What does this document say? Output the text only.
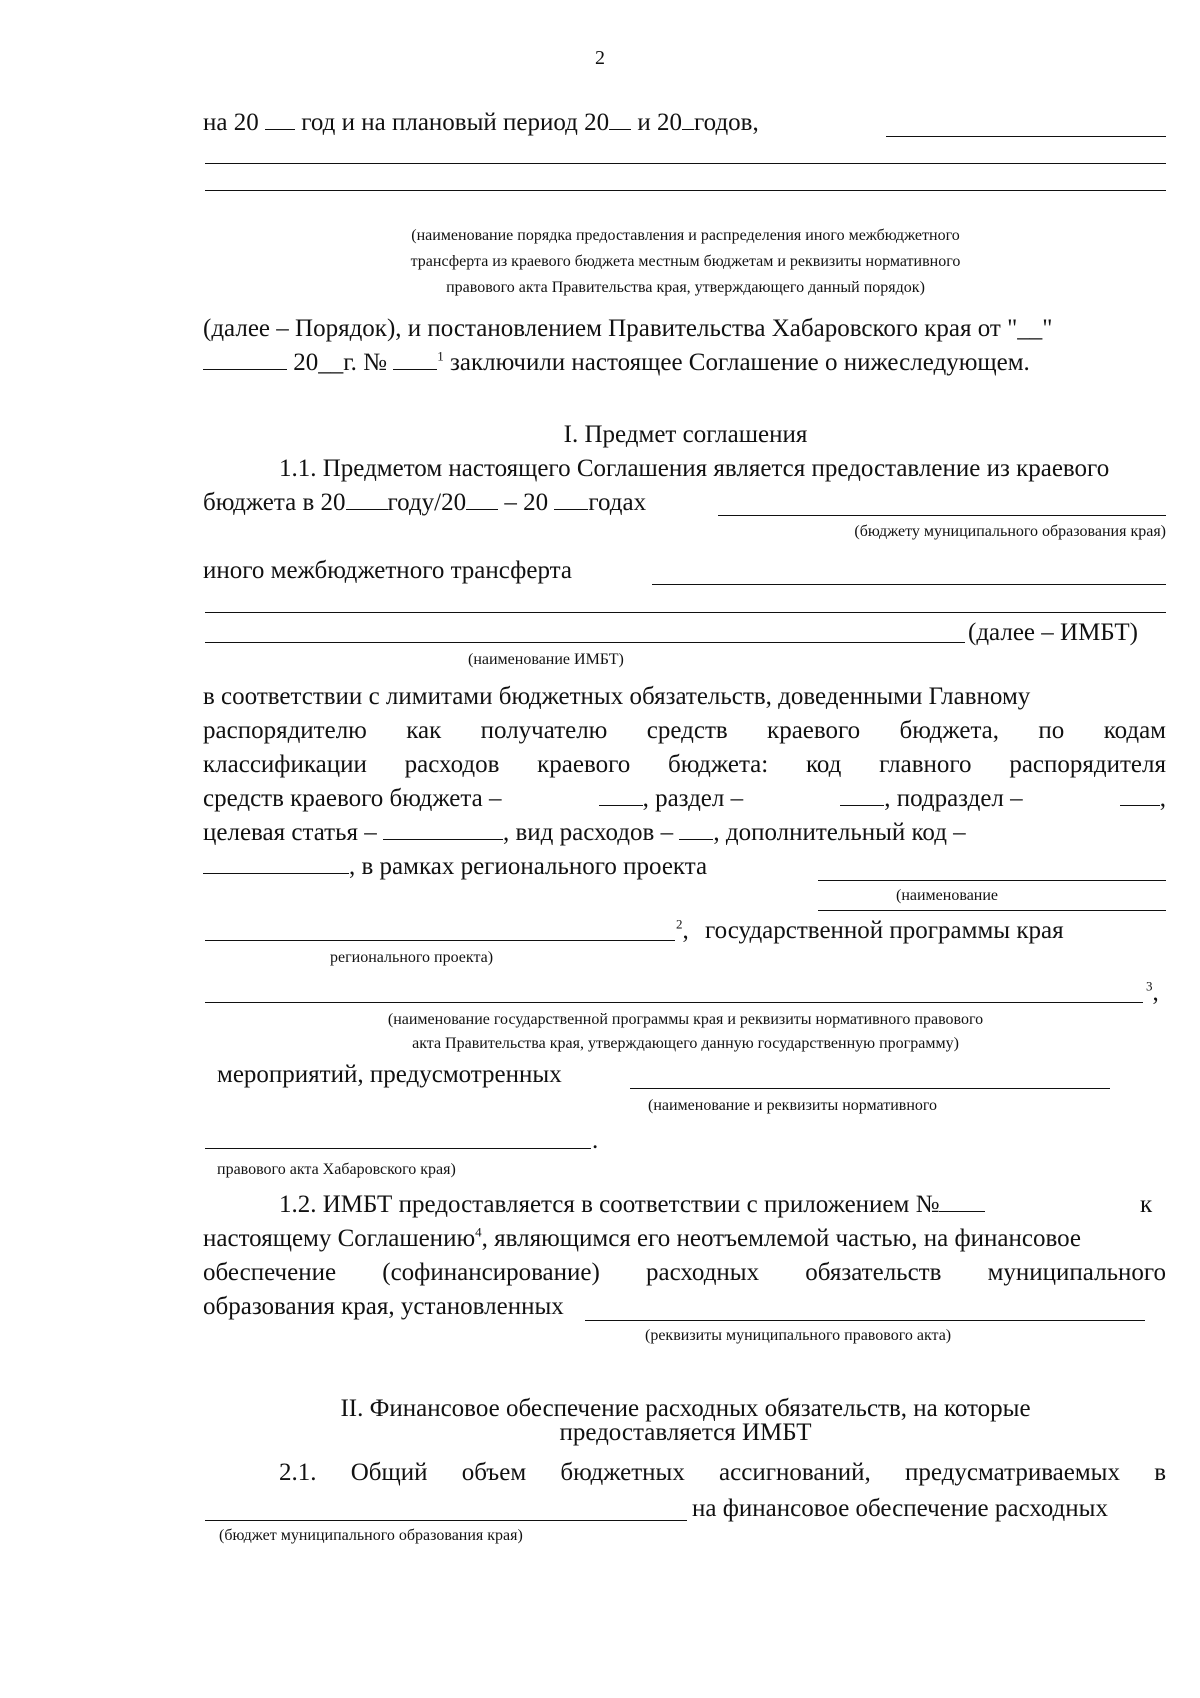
2
на 20 год и на плановый период 20 и 20 годов,
(наименование порядка предоставления и распределения иного межбюджетного
трансферта из краевого бюджета местным бюджетам и реквизиты нормативного
правового акта Правительства края, утверждающего данный порядок)
(далее – Порядок), и постановлением Правительства Хабаровского края от "__"
20__г. №	$^1$ заключили настоящее Соглашение о нижеследующем.
I. Предмет соглашения
1.1. Предметом настоящего Соглашения является предоставление из краевого
бюджета в 20 году/20 – 20 годах
(бюджету муниципального образования края)
иного межбюджетного трансферта
(далее – ИМБТ)
(наименование ИМБТ)
в соответствии с лимитами бюджетных обязательств, доведенными Главному
распорядителю как получателю средств краевого бюджета, по кодам
классификации расходов краевого бюджета: код главного распорядителя
средств краевого бюджета –	, раздел –	, подраздел –	,
целевая статья –	, вид расходов – , дополнительный код –
, в рамках регионального проекта
(наименование
$^2$, государственной программы края
регионального проекта)
$^3$,
(наименование государственной программы края и реквизиты нормативного правового
акта Правительства края, утверждающего данную государственную программу)
мероприятий, предусмотренных
(наименование и реквизиты нормативного
.
правового акта Хабаровского края)
1.2. ИМБТ предоставляется в соответствии с приложением №	к
настоящему Соглашению$^4$, являющимся его неотъемлемой частью, на финансовое
обеспечение (софинансирование) расходных обязательств муниципального
образования края, установленных
(реквизиты муниципального правового акта)
II. Финансовое обеспечение расходных обязательств, на которые
предоставляется ИМБТ
2.1. Общий объем бюджетных ассигнований, предусматриваемых в
на финансовое обеспечение расходных
(бюджет муниципального образования края)
